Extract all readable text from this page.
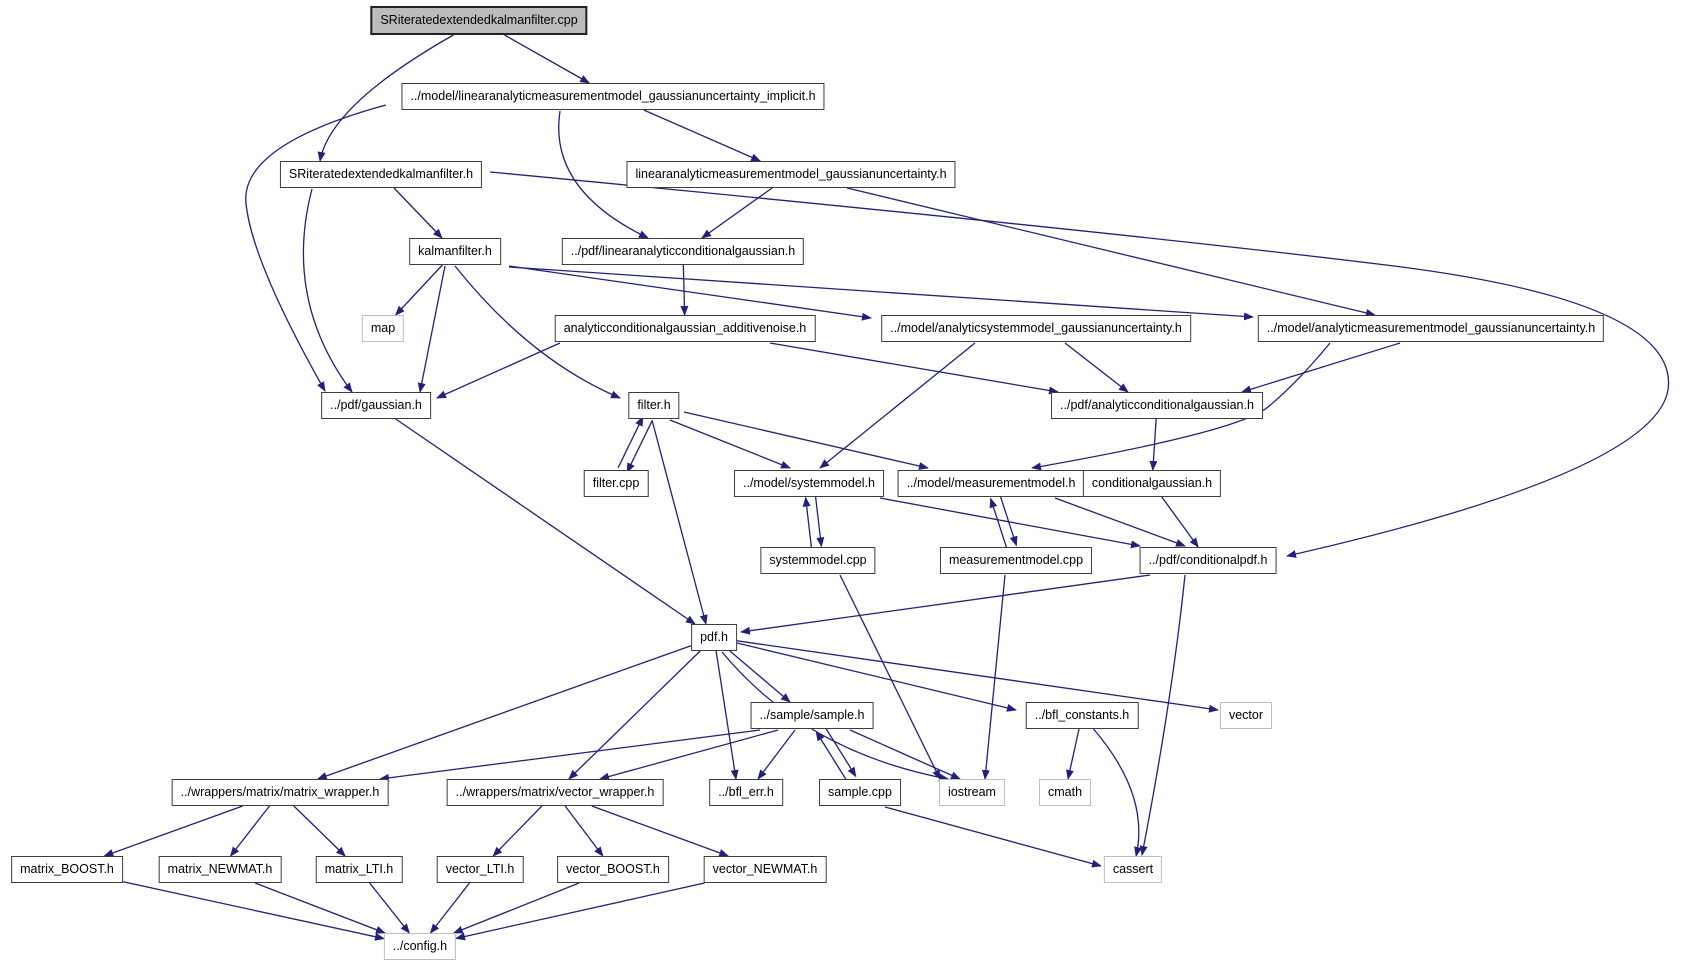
SRiteratedextendedkalmanfilter.cpp
../model/linearanalyticmeasurementmodel_gaussianuncertainty_implicit.h
SRiteratedextendedkalmanfilter.h	linearanalyticmeasurementmodel_gaussianuncertainty.h
kalmanfilter.h	../pdf/linearanalyticconditionalgaussian.h
map	analyticconditionalgaussian_additivenoise.h	../model/analyticsystemmodel_gaussianuncertainty.h	../model/analyticmeasurementmodel_gaussianuncertainty.h
../pdf/gaussian.h	filter.h	../pdf/analyticconditionalgaussian.h
filter.cpp	../model/systemmodel.h	../model/measurementmodel.h	conditionalgaussian.h
systemmodel.cpp	measurementmodel.cpp	../pdf/conditionalpdf.h
pdf.h
../sample/sample.h	../bfl_constants.h	vector
../wrappers/matrix/matrix_wrapper.h	../wrappers/matrix/vector_wrapper.h	../bfl_err.h	sample.cpp	iostream	cmath
matrix_BOOST.h	matrix_NEWMAT.h	matrix_LTI.h	vector_LTI.h	vector_BOOST.h	vector_NEWMAT.h	cassert
../config.h
